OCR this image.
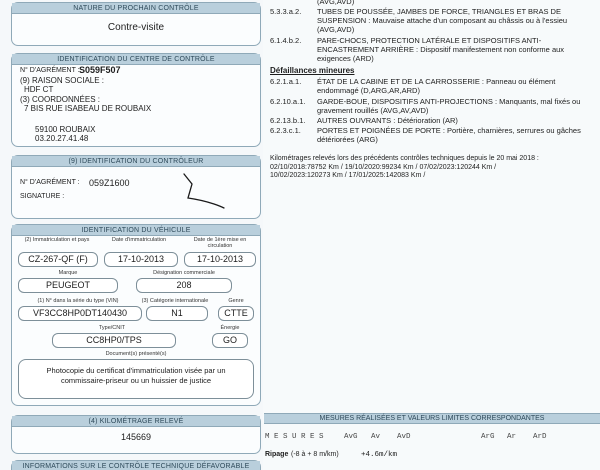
NATURE DU PROCHAIN CONTRÔLE
Contre-visite
IDENTIFICATION DU CENTRE DE CONTRÔLE
N° D'AGRÉMENT : S059F507
(9) RAISON SOCIALE :
HDF CT
(3) COORDONNÉES :
7 BIS RUE ISABEAU DE ROUBAIX
59100 ROUBAIX
03.20.27.41.48
(9) IDENTIFICATION DU CONTRÔLEUR
N° D'AGRÉMENT : 059Z1600
SIGNATURE :
IDENTIFICATION DU VÉHICULE
(2) Immatriculation et pays	Date d'immatriculation	Date de 1ère mise en circulation
CZ-267-QF (F)	17-10-2013	17-10-2013
Marque	Désignation commerciale
PEUGEOT	208
(1) N° dans la série du type (VIN)	(3) Catégorie internationale	Genre
VF3CC8HP0DT140430	N1	CTTE
Type/CNIT	Énergie
CC8HP0/TPS	GO
Document(s) présenté(s)
Photocopie du certificat d'immatriculation visée par un commissaire-priseur ou un huissier de justice
(4) KILOMÉTRAGE RELEVÉ
145669
INFORMATIONS SUR LE CONTRÔLE TECHNIQUE DÉFAVORABLE
(AVG,AVD)
5.3.3.a.2. TUBES DE POUSSÉE, JAMBES DE FORCE, TRIANGLES ET BRAS DE SUSPENSION : Mauvaise attache d'un composant au châssis ou à l'essieu (AVG,AVD)
6.1.4.b.2. PARE-CHOCS, PROTECTION LATÉRALE ET DISPOSITIFS ANTI-ENCASTREMENT ARRIÈRE : Dispositif manifestement non conforme aux exigences (ARD)
Défaillances mineures
6.2.1.a.1. ÉTAT DE LA CABINE ET DE LA CARROSSERIE : Panneau ou élément endommagé (D,ARG,AR,ARD)
6.2.10.a.1. GARDE-BOUE, DISPOSITIFS ANTI-PROJECTIONS : Manquants, mal fixés ou gravement rouillés (AVG,AV,AVD)
6.2.13.b.1. AUTRES OUVRANTS : Détérioration (AR)
6.2.3.c.1. PORTES ET POIGNÉES DE PORTE : Portière, charnières, serrures ou gâches détériorées (ARG)
Kilométrages relevés lors des précédents contrôles techniques depuis le 20 mai 2018 :
02/10/2018:78752 Km / 19/10/2020:99234 Km / 07/02/2023:120244 Km /
10/02/2023:120273 Km / 17/01/2025:142083 Km /
MESURES RÉALISÉES ET VALEURS LIMITES CORRESPONDANTES
M E S U R E S	AvG Av AvD	ArG Ar ArD
Ripage (-8 à + 8 m/km)	+4.6m/km
